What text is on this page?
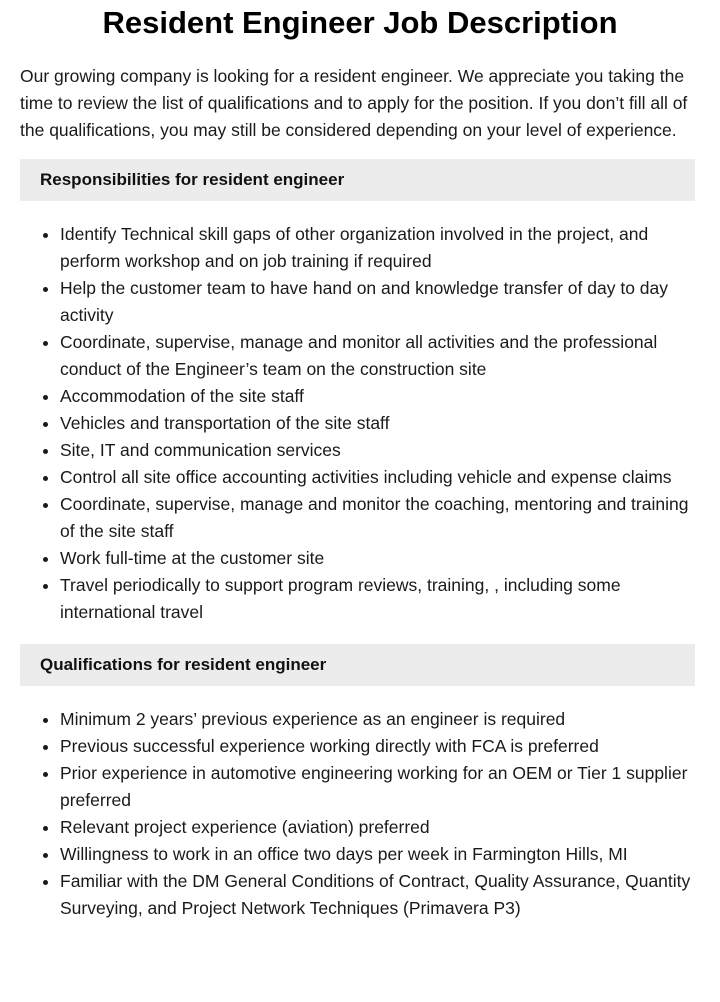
Resident Engineer Job Description

Our growing company is looking for a resident engineer. We appreciate you taking the time to review the list of qualifications and to apply for the position. If you don’t fill all of the qualifications, you may still be considered depending on your level of experience.

Responsibilities for resident engineer
• Identify Technical skill gaps of other organization involved in the project, and perform workshop and on job training if required
• Help the customer team to have hand on and knowledge transfer of day to day activity
• Coordinate, supervise, manage and monitor all activities and the professional conduct of the Engineer’s team on the construction site
• Accommodation of the site staff
• Vehicles and transportation of the site staff
• Site, IT and communication services
• Control all site office accounting activities including vehicle and expense claims
• Coordinate, supervise, manage and monitor the coaching, mentoring and training of the site staff
• Work full-time at the customer site
• Travel periodically to support program reviews, training, , including some international travel
Qualifications for resident engineer
• Minimum 2 years’ previous experience as an engineer is required
• Previous successful experience working directly with FCA is preferred
• Prior experience in automotive engineering working for an OEM or Tier 1 supplier preferred
• Relevant project experience (aviation) preferred
• Willingness to work in an office two days per week in Farmington Hills, MI
• Familiar with the DM General Conditions of Contract, Quality Assurance, Quantity Surveying, and Project Network Techniques (Primavera P3)
